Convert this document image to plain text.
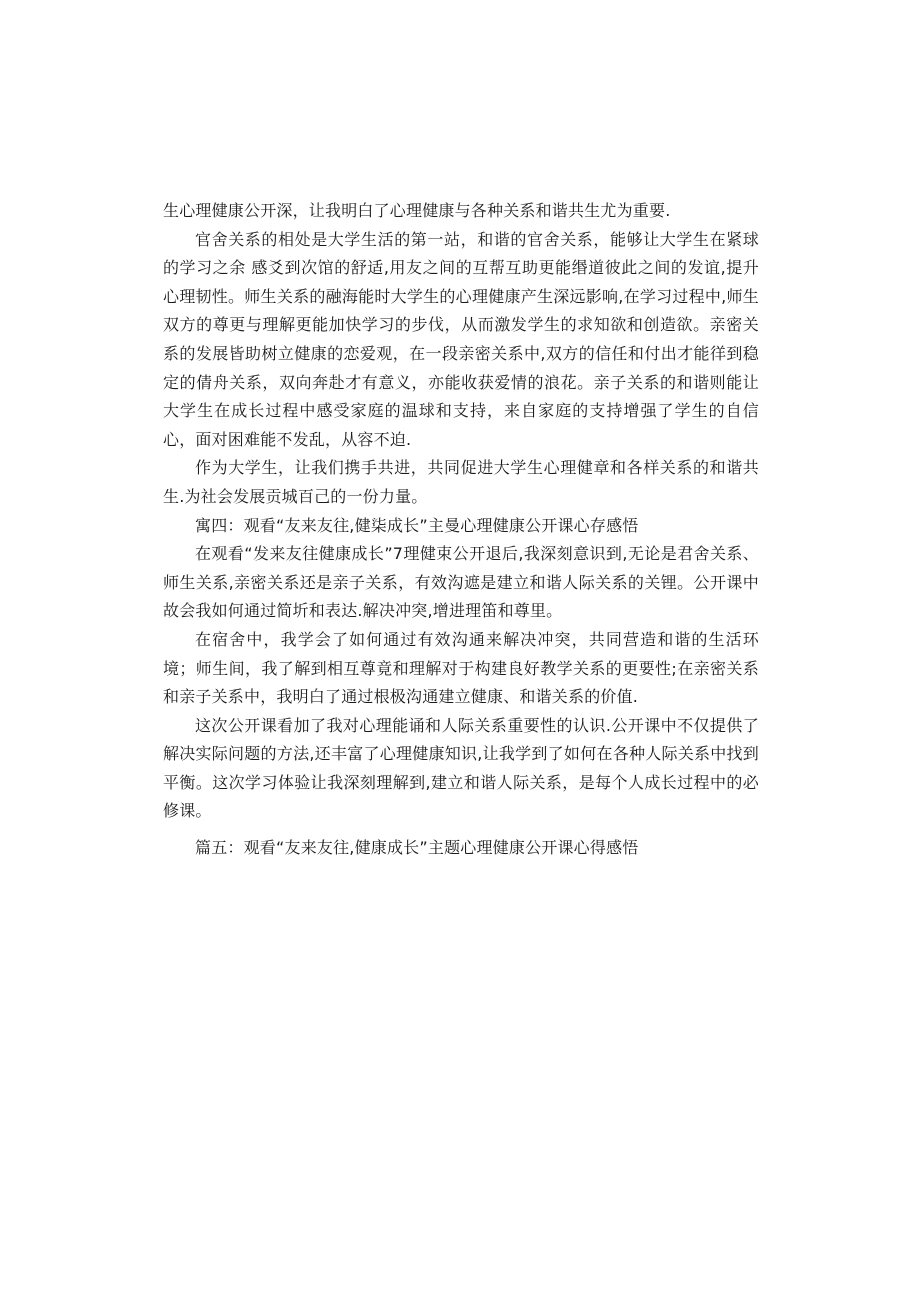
生心理健康公开深，让我明白了心理健康与各种关系和谐共生尤为重要.

官舍关系的相处是大学生活的第一站，和谐的官舍关系，能够让大学生在紧球的学习之余 感爻到次馆的舒适,用友之间的互帮互助更能缗道彼此之间的发谊,提升心理韧性。师生关系的融海能时大学生的心理健康产生深远影响,在学习过程中,师生双方的尊更与理解更能加快学习的步伐，从而激发学生的求知欲和创造欲。亲密关系的发展皆助树立健康的恋爱观，在一段亲密关系中,双方的信任和付出才能徉到稳定的倩舟关系，双向奔赴才有意义，亦能收获爱情的浪花。亲子关系的和谐则能让大学生在成长过程中感受家庭的温球和支持，来自家庭的支持增强了学生的自信心，面对困难能不发乱，从容不迫.

作为大学生，让我们携手共进，共同促进大学生心理健章和各样关系的和谐共生.为社会发展贡城百己的一份力量。

寓四：观看“友来友往,健柒成长”主曼心理健康公开课心存感悟

在观看“发来友往健康成长”7理健束公开退后,我深刻意识到,无论是君舍关系、师生关系,亲密关系还是亲子关系，有效沟遮是建立和谐人际关系的关锂。公开课中故会我如何通过简圻和表达.解决冲突,增进理笛和尊里。

在宿舍中，我学会了如何通过有效沟通来解决冲突，共同营造和谐的生活环境；师生间，我了解到相互尊竟和理解对于构建良好教学关系的更要性;在亲密关系和亲子关系中，我明白了通过根极沟通建立健康、和谐关系的价值.

这次公开课看加了我对心理能诵和人际关系重要性的认识.公开课中不仅提供了解决实际问题的方法,还丰富了心理健康知识,让我学到了如何在各种人际关系中找到平衡。这次学习体验让我深刻理解到,建立和谐人际关系，是每个人成长过程中的必修课。

篇五：观看“友来友往,健康成长”主题心理健康公开课心得感悟
